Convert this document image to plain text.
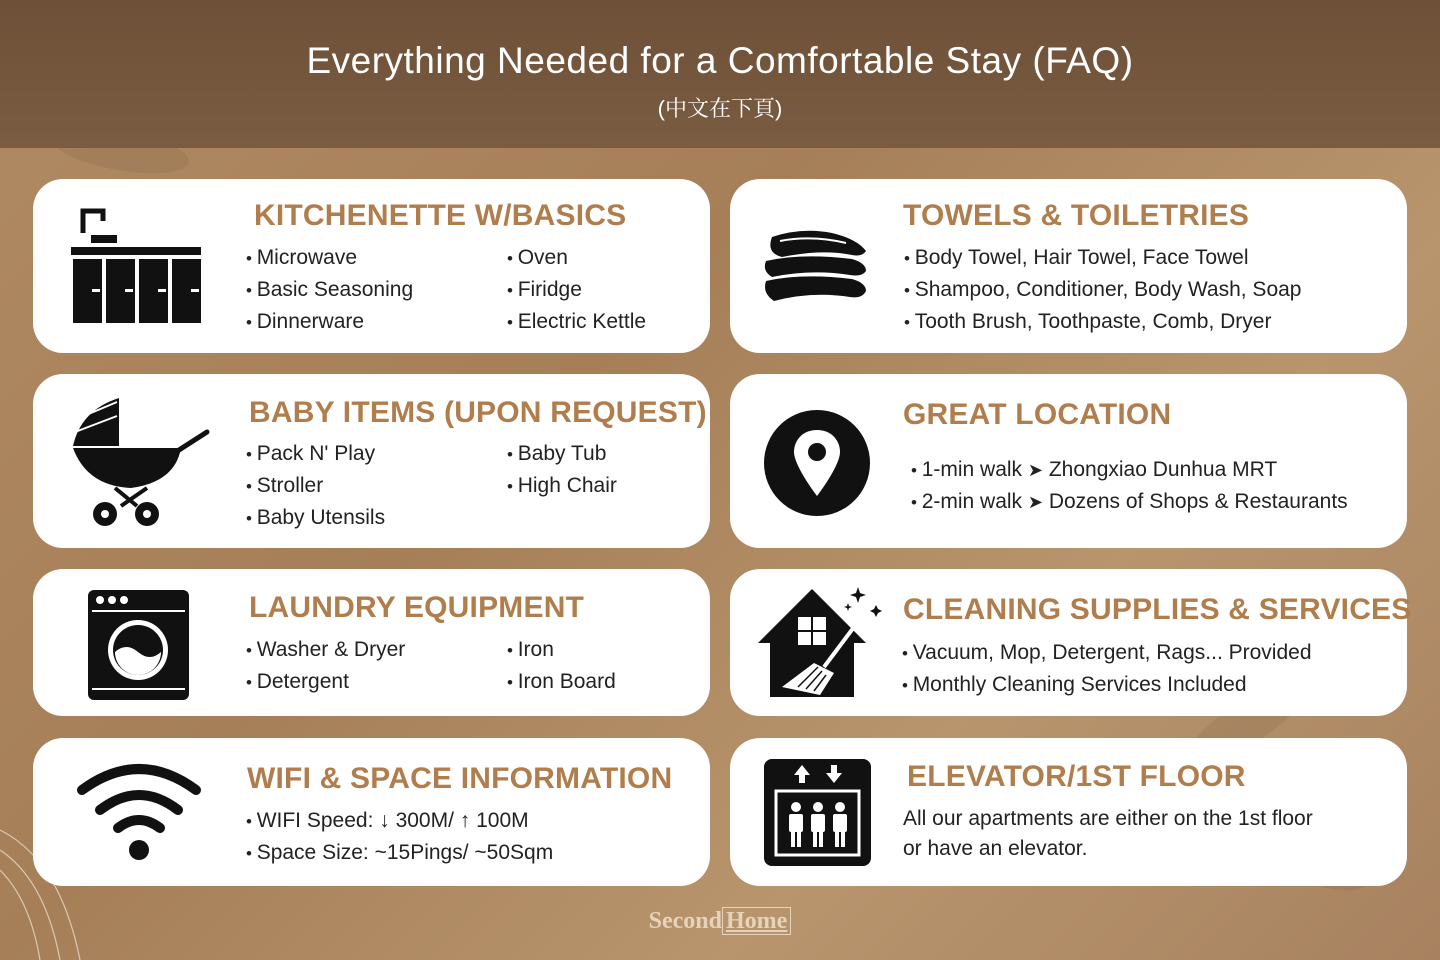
Everything Needed for a Comfortable Stay (FAQ)
(中文在下頁)
KITCHENETTE W/BASICS
• Microwave
• Basic Seasoning
• Dinnerware
• Oven
• Firidge
• Electric Kettle
TOWELS & TOILETRIES
• Body Towel, Hair Towel, Face Towel
• Shampoo, Conditioner, Body Wash, Soap
• Tooth Brush, Toothpaste, Comb, Dryer
BABY ITEMS (UPON REQUEST)
• Pack N' Play
• Stroller
• Baby Utensils
• Baby Tub
• High Chair
GREAT LOCATION
• 1-min walk ➤ Zhongxiao Dunhua MRT
• 2-min walk ➤ Dozens of Shops & Restaurants
LAUNDRY EQUIPMENT
• Washer & Dryer
• Detergent
• Iron
• Iron Board
CLEANING SUPPLIES & SERVICES
• Vacuum, Mop, Detergent, Rags... Provided
• Monthly Cleaning Services Included
WIFI & SPACE INFORMATION
• WIFI Speed: ↓ 300M/ ↑ 100M
• Space Size: ~15Pings/ ~50Sqm
ELEVATOR/1ST FLOOR

All our apartments are either on the 1st floor
or have an elevator.

Second Home
